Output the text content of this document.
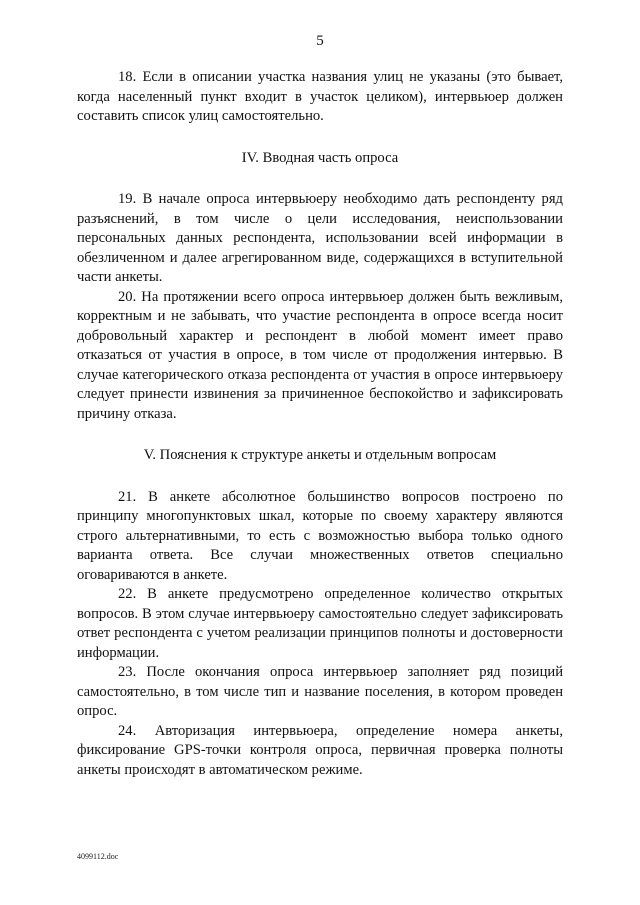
5

18. Если в описании участка названия улиц не указаны (это бывает, когда населенный пункт входит в участок целиком), интервьюер должен составить список улиц самостоятельно.

IV. Вводная часть опроса

19. В начале опроса интервьюеру необходимо дать респонденту ряд разъяснений, в том числе о цели исследования, неиспользовании персональных данных респондента, использовании всей информации в обезличенном и далее агрегированном виде, содержащихся в вступительной части анкеты.

20. На протяжении всего опроса интервьюер должен быть вежливым, корректным и не забывать, что участие респондента в опросе всегда носит добровольный характер и респондент в любой момент имеет право отказаться от участия в опросе, в том числе от продолжения интервью. В случае категорического отказа респондента от участия в опросе интервьюеру следует принести извинения за причиненное беспокойство и зафиксировать причину отказа.

V. Пояснения к структуре анкеты и отдельным вопросам

21. В анкете абсолютное большинство вопросов построено по принципу многопунктовых шкал, которые по своему характеру являются строго альтернативными, то есть с возможностью выбора только одного варианта ответа. Все случаи множественных ответов специально оговариваются в анкете.

22. В анкете предусмотрено определенное количество открытых вопросов. В этом случае интервьюеру самостоятельно следует зафиксировать ответ респондента с учетом реализации принципов полноты и достоверности информации.

23. После окончания опроса интервьюер заполняет ряд позиций самостоятельно, в том числе тип и название поселения, в котором проведен опрос.

24. Авторизация интервьюера, определение номера анкеты, фиксирование GPS-точки контроля опроса, первичная проверка полноты анкеты происходят в автоматическом режиме.

4099112.doc
